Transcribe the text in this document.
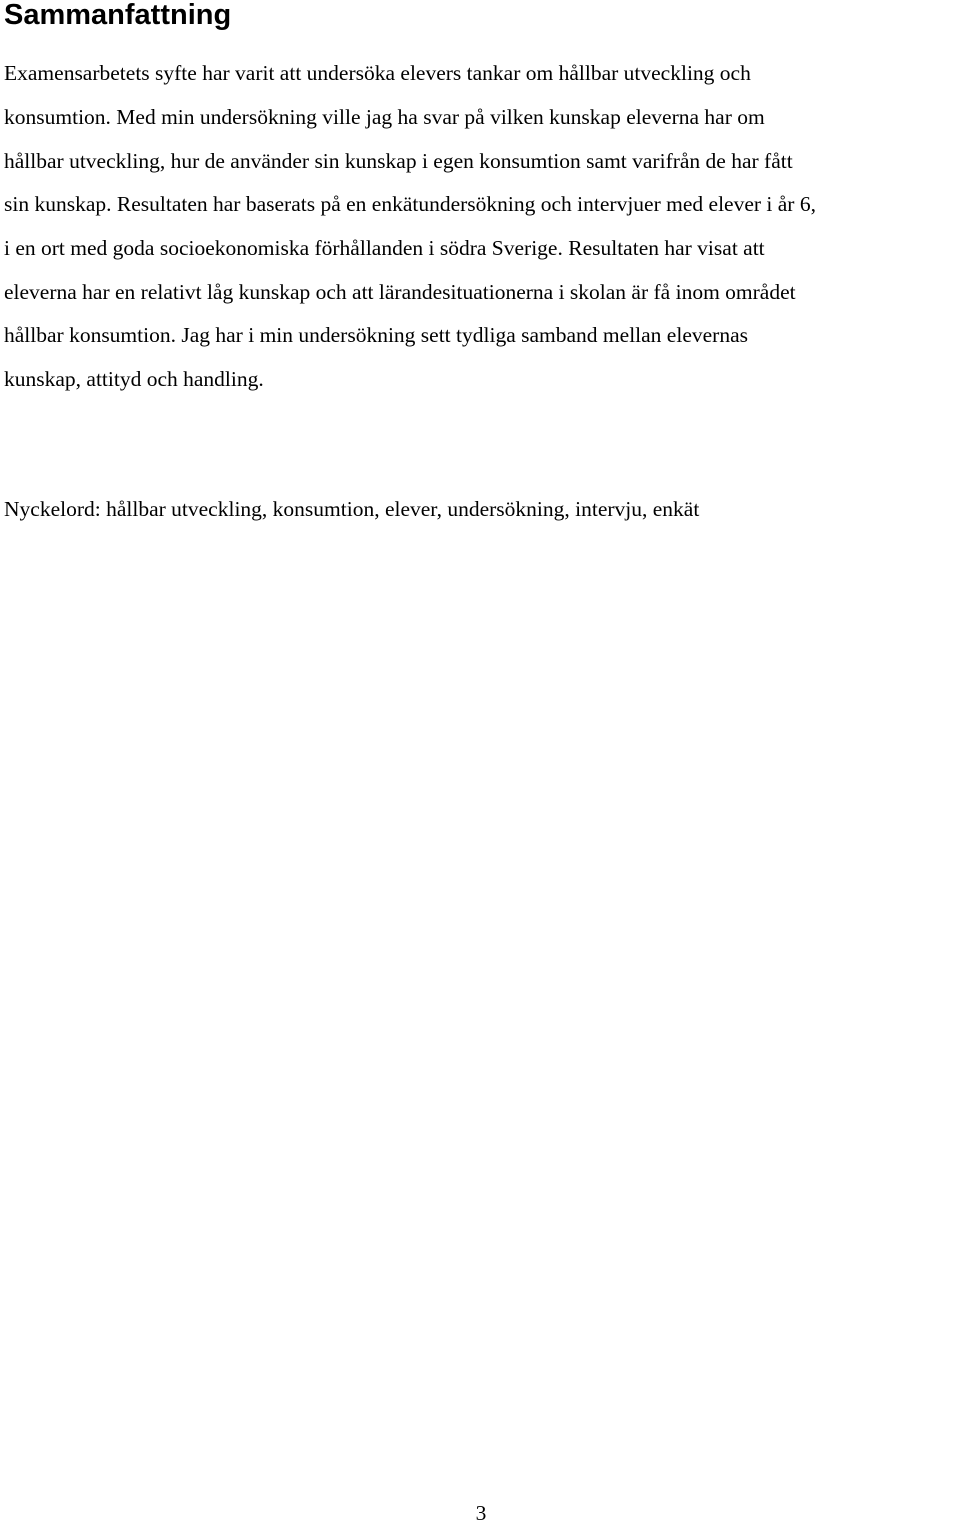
Sammanfattning

Examensarbetets syfte har varit att undersöka elevers tankar om hållbar utveckling och

konsumtion. Med min undersökning ville jag ha svar på vilken kunskap eleverna har om

hållbar utveckling, hur de använder sin kunskap i egen konsumtion samt varifrån de har fått

sin kunskap. Resultaten har baserats på en enkätundersökning och intervjuer med elever i år 6,

i en ort med goda socioekonomiska förhållanden i södra Sverige. Resultaten har visat att

eleverna har en relativt låg kunskap och att lärandesituationerna i skolan är få inom området

hållbar konsumtion. Jag har i min undersökning sett tydliga samband mellan elevernas

kunskap, attityd och handling.

Nyckelord: hållbar utveckling, konsumtion, elever, undersökning, intervju, enkät

3
